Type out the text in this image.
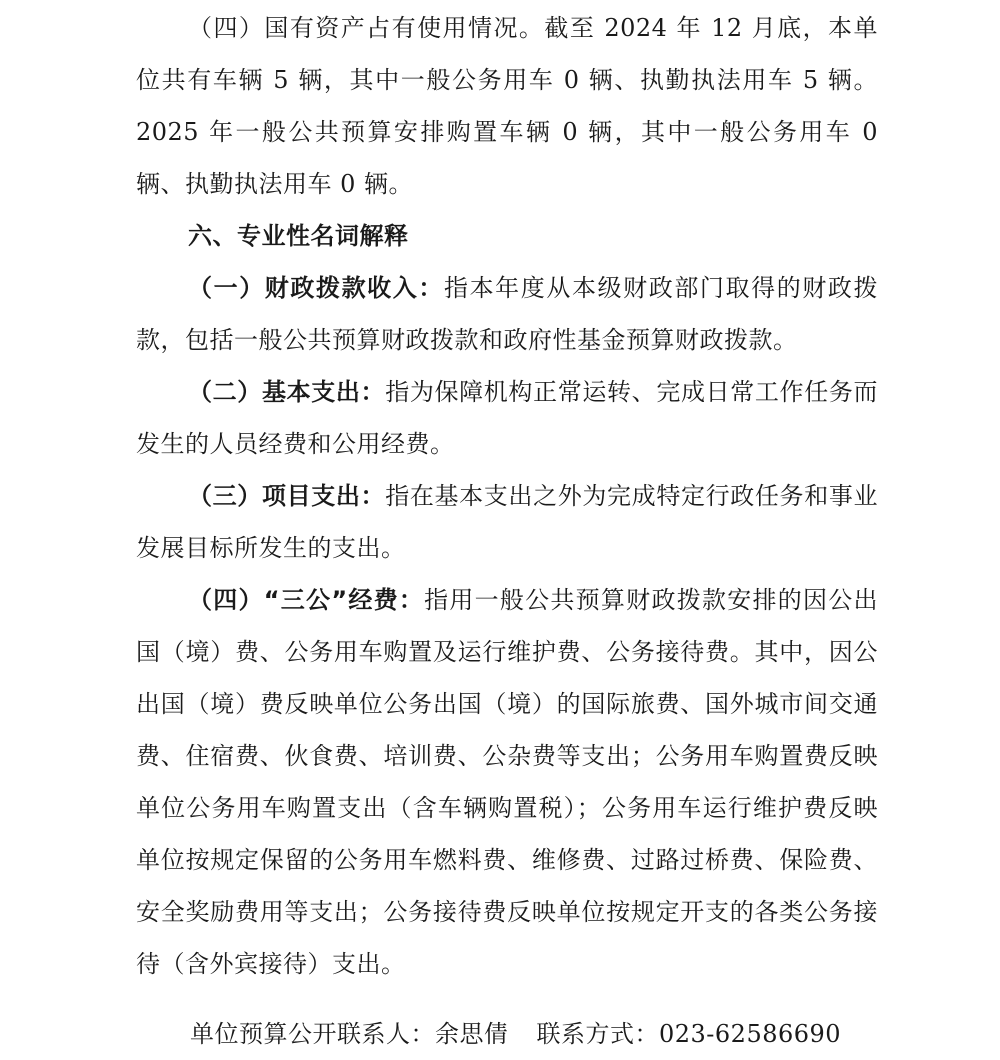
（四）国有资产占有使用情况。截至 2024 年 12 月底，本单位共有车辆 5 辆，其中一般公务用车 0 辆、执勤执法用车 5 辆。2025 年一般公共预算安排购置车辆 0 辆，其中一般公务用车 0 辆、执勤执法用车 0 辆。

六、专业性名词解释

（一）财政拨款收入：指本年度从本级财政部门取得的财政拨款，包括一般公共预算财政拨款和政府性基金预算财政拨款。

（二）基本支出：指为保障机构正常运转、完成日常工作任务而发生的人员经费和公用经费。

（三）项目支出：指在基本支出之外为完成特定行政任务和事业发展目标所发生的支出。

（四）“三公”经费：指用一般公共预算财政拨款安排的因公出国（境）费、公务用车购置及运行维护费、公务接待费。其中，因公出国（境）费反映单位公务出国（境）的国际旅费、国外城市间交通费、住宿费、伙食费、培训费、公杂费等支出；公务用车购置费反映单位公务用车购置支出（含车辆购置税）；公务用车运行维护费反映单位按规定保留的公务用车燃料费、维修费、过路过桥费、保险费、安全奖励费用等支出；公务接待费反映单位按规定开支的各类公务接待（含外宾接待）支出。

单位预算公开联系人：余思倩 联系方式：023-62586690
